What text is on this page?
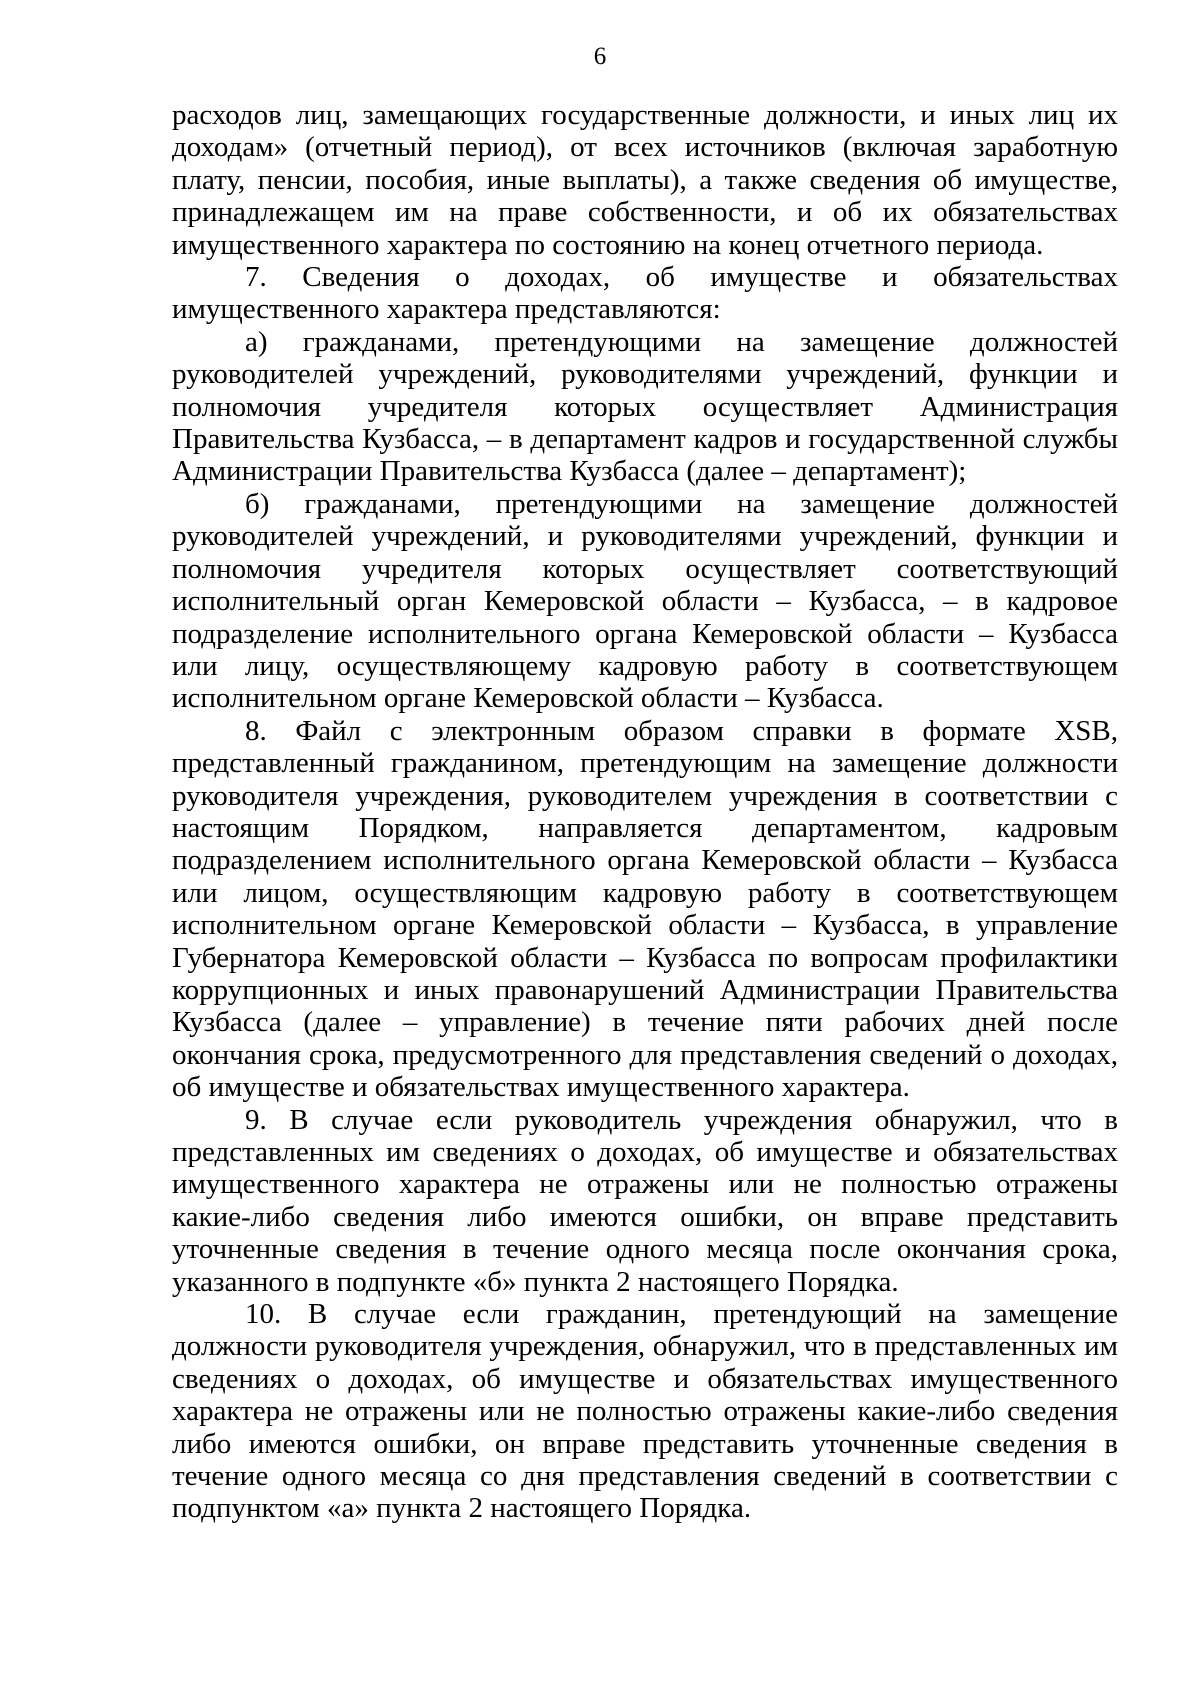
6

расходов лиц, замещающих государственные должности, и иных лиц их доходам» (отчетный период), от всех источников (включая заработную плату, пенсии, пособия, иные выплаты), а также сведения об имуществе, принадлежащем им на праве собственности, и об их обязательствах имущественного характера по состоянию на конец отчетного периода.

7. Сведения о доходах, об имуществе и обязательствах имущественного характера представляются:

а) гражданами, претендующими на замещение должностей руководителей учреждений, руководителями учреждений, функции и полномочия учредителя которых осуществляет Администрация Правительства Кузбасса, – в департамент кадров и государственной службы Администрации Правительства Кузбасса (далее – департамент);

б) гражданами, претендующими на замещение должностей руководителей учреждений, и руководителями учреждений, функции и полномочия учредителя которых осуществляет соответствующий исполнительный орган Кемеровской области – Кузбасса, – в кадровое подразделение исполнительного органа Кемеровской области – Кузбасса или лицу, осуществляющему кадровую работу в соответствующем исполнительном органе Кемеровской области – Кузбасса.

8. Файл с электронным образом справки в формате XSB, представленный гражданином, претендующим на замещение должности руководителя учреждения, руководителем учреждения в соответствии с настоящим Порядком, направляется департаментом, кадровым подразделением исполнительного органа Кемеровской области – Кузбасса или лицом, осуществляющим кадровую работу в соответствующем исполнительном органе Кемеровской области – Кузбасса, в управление Губернатора Кемеровской области – Кузбасса по вопросам профилактики коррупционных и иных правонарушений Администрации Правительства Кузбасса (далее – управление) в течение пяти рабочих дней после окончания срока, предусмотренного для представления сведений о доходах, об имуществе и обязательствах имущественного характера.

9. В случае если руководитель учреждения обнаружил, что в представленных им сведениях о доходах, об имуществе и обязательствах имущественного характера не отражены или не полностью отражены какие-либо сведения либо имеются ошибки, он вправе представить уточненные сведения в течение одного месяца после окончания срока, указанного в подпункте «б» пункта 2 настоящего Порядка.

10. В случае если гражданин, претендующий на замещение должности руководителя учреждения, обнаружил, что в представленных им сведениях о доходах, об имуществе и обязательствах имущественного характера не отражены или не полностью отражены какие-либо сведения либо имеются ошибки, он вправе представить уточненные сведения в течение одного месяца со дня представления сведений в соответствии с подпунктом «а» пункта 2 настоящего Порядка.
